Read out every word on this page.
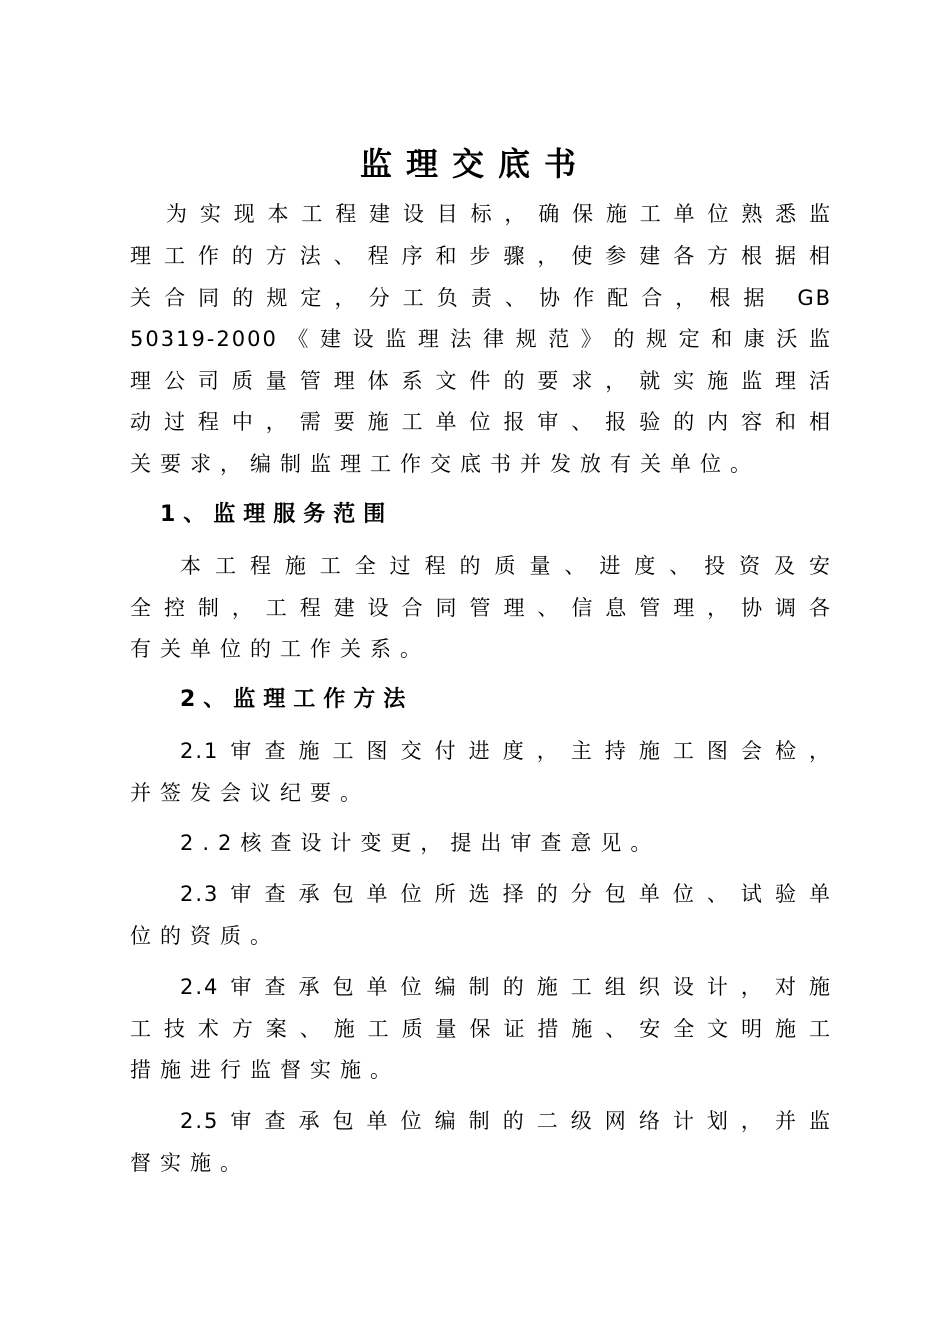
监理交底书
为实现本工程建设目标，确保施工单位熟悉监
理工作的方法、程序和步骤，使参建各方根据相
关合同的规定，分工负责、协作配合，根据 GB
50319-2000《建设监理法律规范》的规定和康沃监
理公司质量管理体系文件的要求，就实施监理活
动过程中，需要施工单位报审、报验的内容和相
关要求，编制监理工作交底书并发放有关单位。
1、监理服务范围
本工程施工全过程的质量、进度、投资及安
全控制，工程建设合同管理、信息管理，协调各
有关单位的工作关系。
2、监理工作方法
2.1审查施工图交付进度，主持施工图会检，
并签发会议纪要。
2.2核查设计变更，提出审查意见。
2.3审查承包单位所选择的分包单位、试验单
位的资质。
2.4审查承包单位编制的施工组织设计，对施
工技术方案、施工质量保证措施、安全文明施工
措施进行监督实施。
2.5审查承包单位编制的二级网络计划，并监
督实施。
